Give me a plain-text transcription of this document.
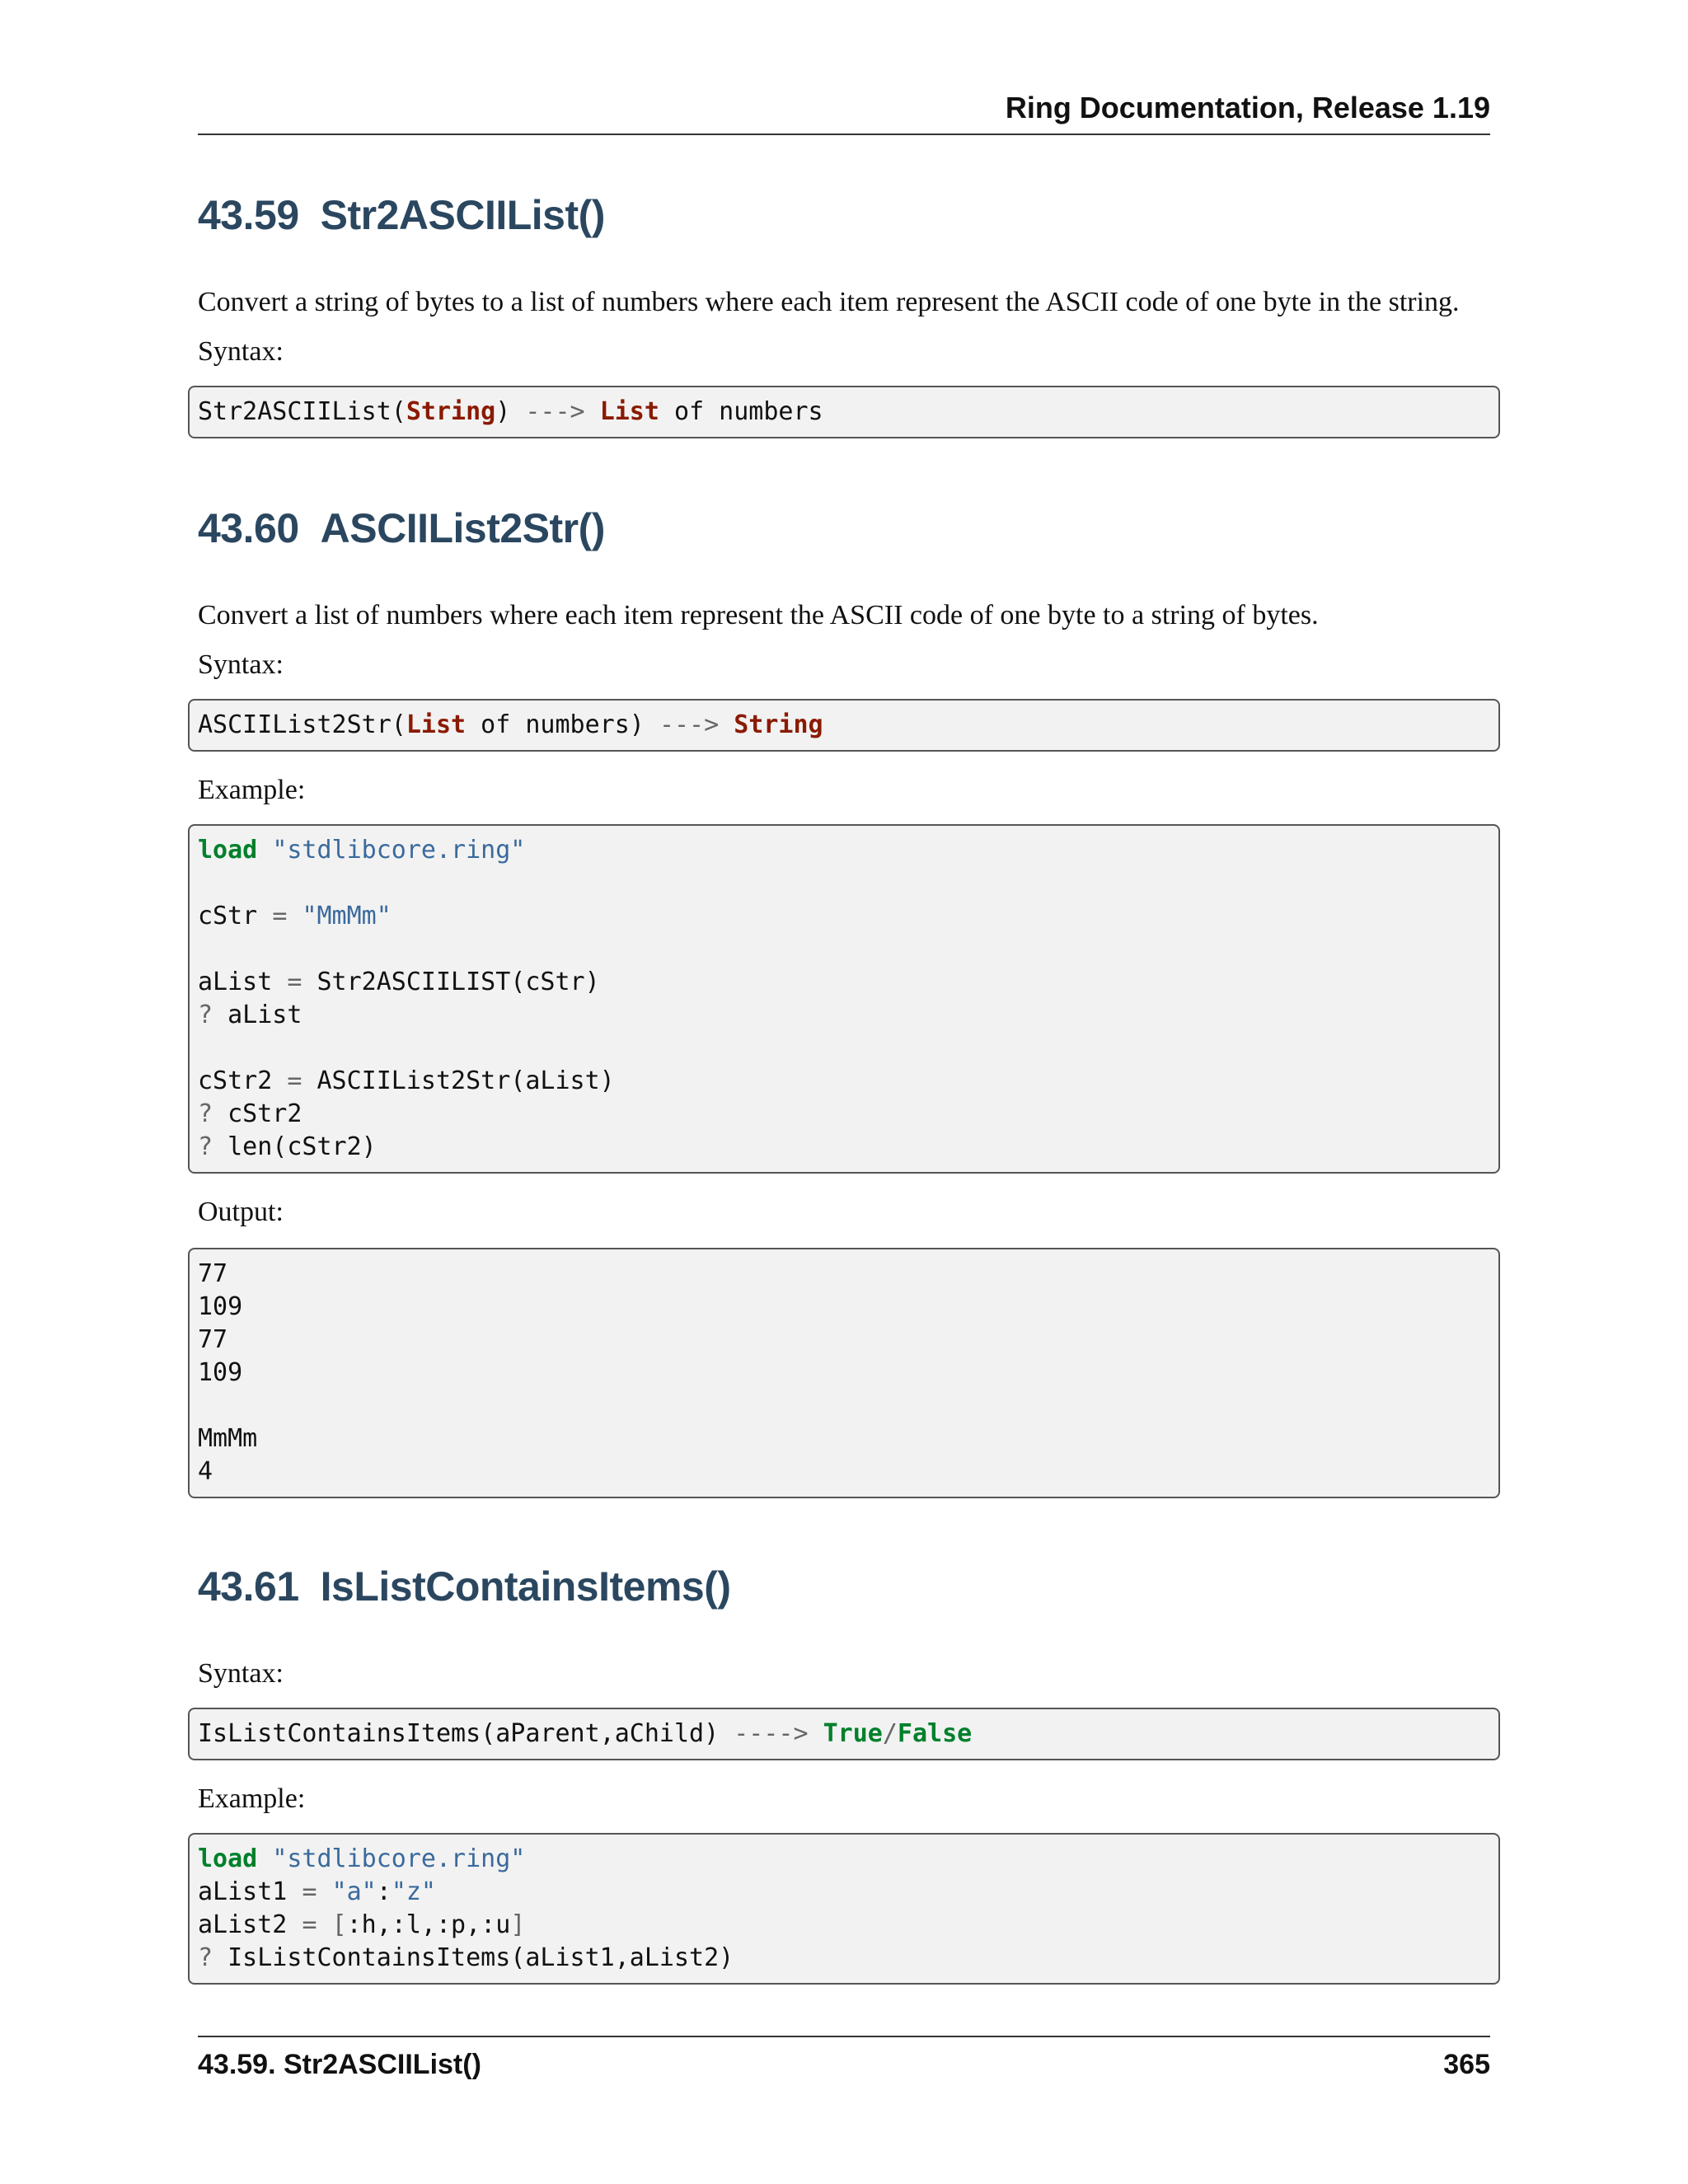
Ring Documentation, Release 1.19
43.59 Str2ASCIIList()
Convert a string of bytes to a list of numbers where each item represent the ASCII code of one byte in the string.
Syntax:
Str2ASCIIList(String) ---> List of numbers
43.60 ASCIIList2Str()
Convert a list of numbers where each item represent the ASCII code of one byte to a string of bytes.
Syntax:
ASCIIList2Str(List of numbers) ---> String
Example:
load "stdlibcore.ring"
cStr = "MmMm"
aList = Str2ASCIILIST(cStr)
? aList
cStr2 = ASCIIList2Str(aList)
? cStr2
? len(cStr2)
Output:
77
109
77
109
MmMm
4
43.61 IsListContainsItems()
Syntax:
IsListContainsItems(aParent,aChild) ----> True/False
Example:
load "stdlibcore.ring"
aList1 = "a":"z"
aList2 = [:h,:l,:p,:u]
? IsListContainsItems(aList1,aList2)
43.59. Str2ASCIIList()	365
